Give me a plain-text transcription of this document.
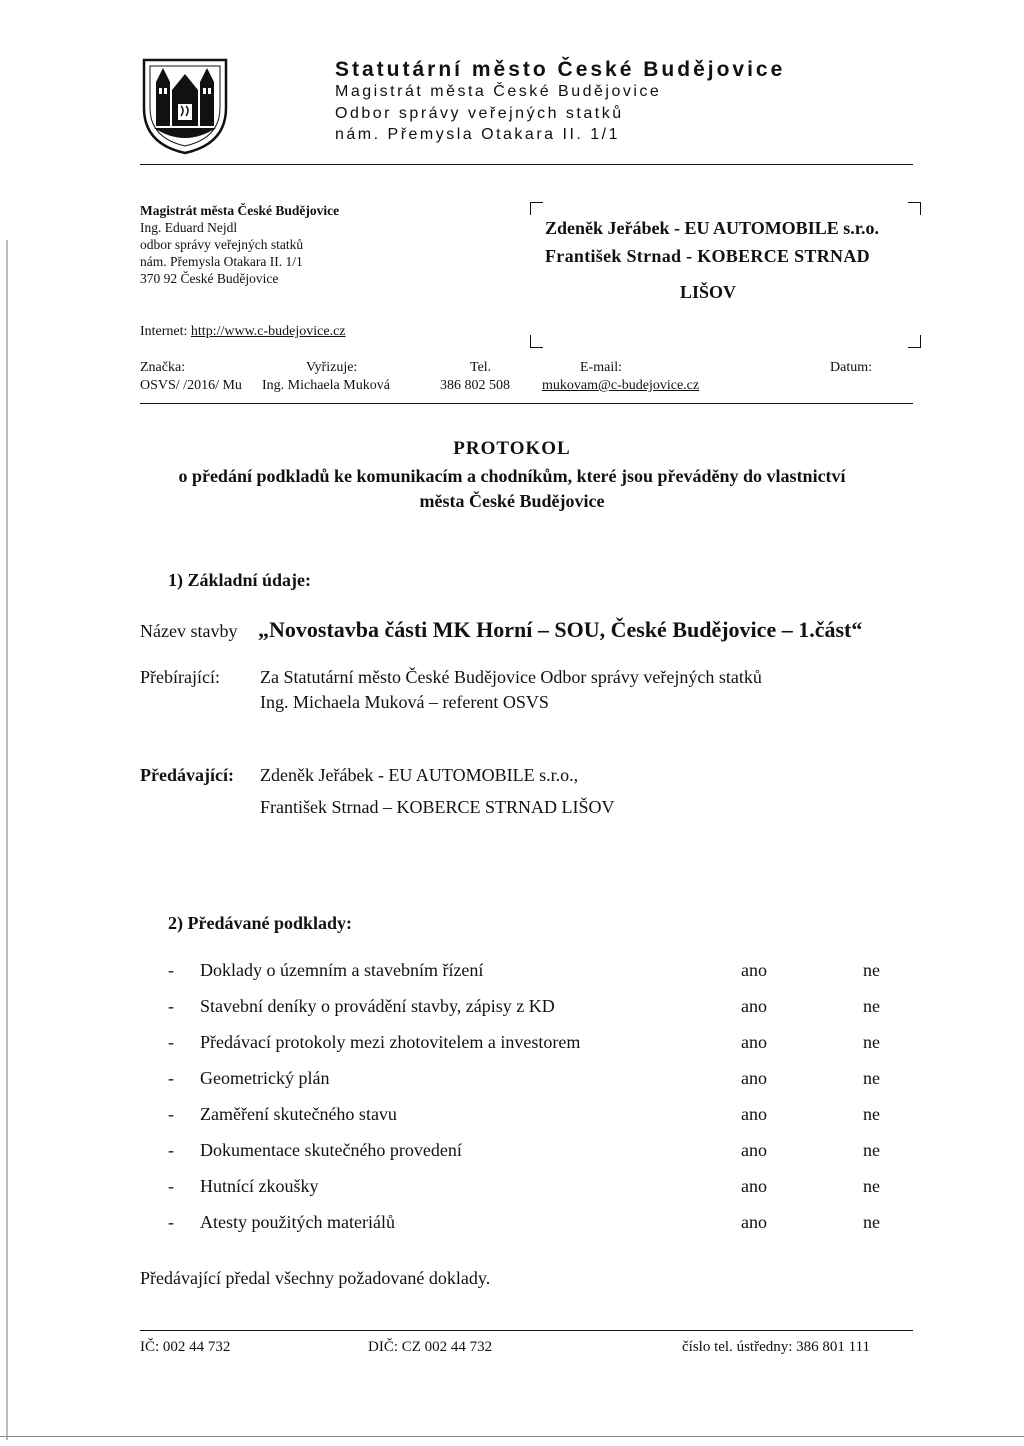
Statutární město České Budějovice
Magistrát města České Budějovice
Odbor správy veřejných statků
nám. Přemysla Otakara II. 1/1
Magistrát města České Budějovice
Ing. Eduard Nejdl
odbor správy veřejných statků
nám. Přemysla Otakara II. 1/1
370 92 České Budějovice
Internet: http://www.c-budejovice.cz
Zdeněk Jeřábek - EU AUTOMOBILE s.r.o.
František Strnad - KOBERCE STRNAD
LIŠOV
Značka:
OSVS/ /2016/ Mu
Vyřizuje:
Ing. Michaela Muková
Tel.
386 802 508
E-mail:
mukovam@c-budejovice.cz
Datum:
PROTOKOL
o předání podkladů ke komunikacím a chodníkům, které jsou převáděny do vlastnictví
města České Budějovice
1) Základní údaje:
Název stavby „Novostavba části MK Horní – SOU, České Budějovice – 1.část“
Přebírající: Za Statutární město České Budějovice Odbor správy veřejných statků
Ing. Michaela Muková – referent OSVS
Předávající: Zdeněk Jeřábek - EU AUTOMOBILE s.r.o.,
František Strnad – KOBERCE STRNAD LIŠOV
2) Předávané podklady:
- Doklady o územním a stavebním řízení	ano	ne
- Stavební deníky o provádění stavby, zápisy z KD	ano	ne
- Předávací protokoly mezi zhotovitelem a investorem	ano	ne
- Geometrický plán	ano	ne
- Zaměření skutečného stavu	ano	ne
- Dokumentace skutečného provedení	ano	ne
- Hutnící zkoušky	ano	ne
- Atesty použitých materiálů	ano	ne
Předávající předal všechny požadované doklady.
IČ: 002 44 732	DIČ: CZ 002 44 732	číslo tel. ústředny: 386 801 111
